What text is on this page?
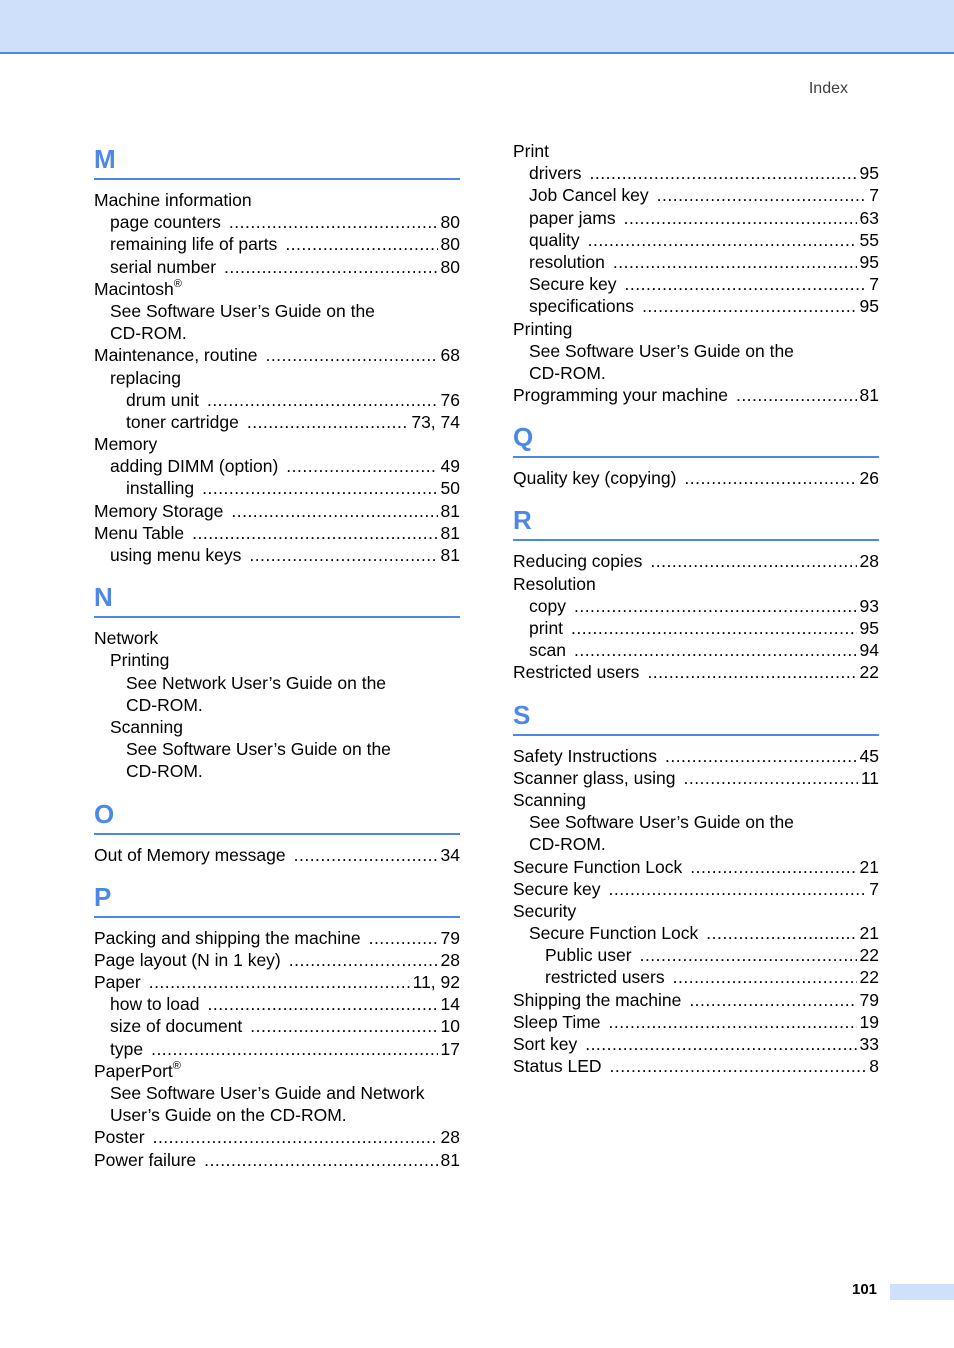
Index
M
Machine information
page counters .....	80
remaining life of parts .....	80
serial number .....	80
Macintosh®
See Software User’s Guide on the
CD-ROM.
Maintenance, routine .....	68
replacing
drum unit .....	76
toner cartridge .....	73, 74
Memory
adding DIMM (option) .....	49
installing .....	50
Memory Storage .....	81
Menu Table .....	81
using menu keys .....	81
N
Network
Printing
See Network User’s Guide on the
CD-ROM.
Scanning
See Software User’s Guide on the
CD-ROM.
O
Out of Memory message .....	34
P
Packing and shipping the machine .....	79
Page layout (N in 1 key) .....	28
Paper .....	11, 92
how to load .....	14
size of document .....	10
type .....	17
PaperPort®
See Software User’s Guide and Network
User’s Guide on the CD-ROM.
Poster .....	28
Power failure .....	81
Print
drivers .....	95
Job Cancel key .....	7
paper jams .....	63
quality .....	55
resolution .....	95
Secure key .....	7
specifications .....	95
Printing
See Software User’s Guide on the
CD-ROM.
Programming your machine .....	81
Q
Quality key (copying) .....	26
R
Reducing copies .....	28
Resolution
copy .....	93
print .....	95
scan .....	94
Restricted users .....	22
S
Safety Instructions .....	45
Scanner glass, using .....	11
Scanning
See Software User’s Guide on the
CD-ROM.
Secure Function Lock .....	21
Secure key .....	7
Security
Secure Function Lock .....	21
Public user .....	22
restricted users .....	22
Shipping the machine .....	79
Sleep Time .....	19
Sort key .....	33
Status LED .....	8
101
